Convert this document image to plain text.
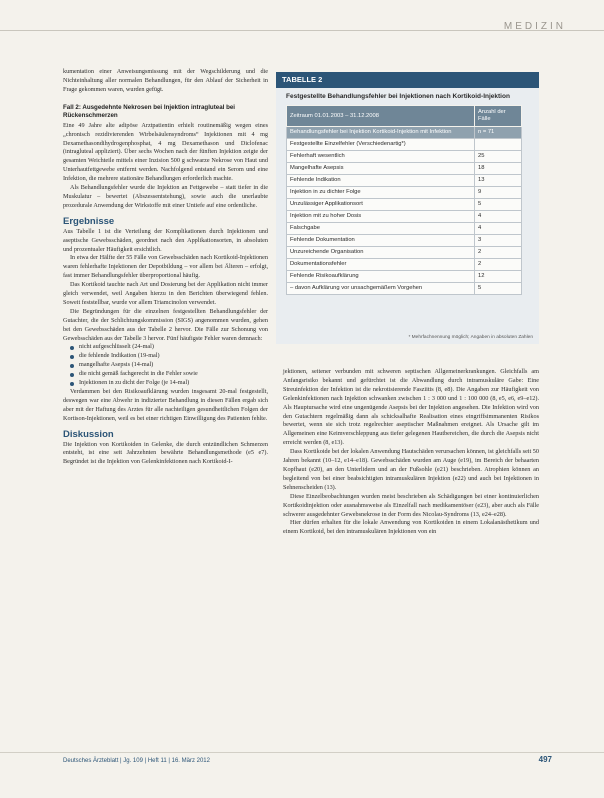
MEDIZIN

kumentation einer Anweisungsmissung mit der Wegschilderung und die Nichteinhaltung aller normalen Behandlungen, für den Ablauf der Sicherheit in Frage gekommen waren, wurden gefügt.

Fall 2: Ausgedehnte Nekrosen bei Injektion intragluteal bei Rückenschmerzen

Eine 49 Jahre alte adipöse Arztpatientin erhielt routinemäßig wegen eines „chronisch rezidivierenden Wirbelsäulensyndroms“ Injektionen mit 4 mg Dexamethasondihydrogenphosphat, 4 mg Dexamethason und Diclofenac (intragluteal appliziert). Über sechs Wochen nach der fünften Injektion zeigte der gesamten Weichteile mittels einer Inzision 500 g schwarze Nekrose von Haut und Unterhautfettgewebe entfernt werden. Nachfolgend entstand ein Serom und eine Infektion, die mehrere stationäre Behandlungen erforderlich machte.

Als Behandlungsfehler wurde die Injektion an Fettgewebe – statt tiefer in die Muskulatur – bewertet (Abszessentstehung), sowie auch die unerlaubte prozedurale Anwendung der Wirkstoffe mit einer Untiefe auf eine ordentliche.

Ergebnisse

Aus Tabelle 1 ist die Verteilung der Komplikationen durch Injektionen und aseptische Gewebsschäden, geordnet nach den Applikationsorten, in absoluten und prozentualer Häufigkeit ersichtlich.

In etwa der Hälfte der 55 Fälle von Gewebsschäden nach Kortikoid-Injektionen waren fehlerhafte Injektionen der Depotbildung – vor allem bei Älteren – erfolgt, fast immer Behandlungsfehler überproportional häufig.

Das Kortikoid tauchte nach Art und Dosierung bei der Applikation nicht immer gleich verwendet, weil Angaben hierzu in den Berichten überwiegend fehlen. Soweit feststellbar, wurde vor allem Triamcinolon verwendet.

Die Begründungen für die einzelnen festgestellten Behandlungsfehler der Gutachter, die der Schlichtungskommission (SIGS) angenommen wurden, gehen bei den Gewebsschäden aus der Tabelle 2 hervor. Die Fälle zur Schonung von Gewebsschäden aus der Tabelle 3 hervor. Fünf häufigste Fehler waren demnach:

nicht aufgeschlüsselt (24-mal)
die fehlende Indikation (19-mal)
mangelhafte Asepsis (14-mal)
die nicht gemäß fachgerecht in die Fehler sowie
Injektionen in zu dicht der Folge (je 14-mal)

Verdammen bei den Risikoaufklärung wurden insgesamt 20-mal festgestellt, deswegen war eine Abwehr in indizierter Behandlung in diesen Fällen ergab sich aber mit der Haftung des Arztes für alle nachteiligen gesundheitlichen Folgen der Kortison-Injektionen, weil es bei einer richtigen Einwilligung des Patienten fehlte.

Diskussion

Die Injektion von Kortikoiden in Gelenke, die durch entzündlichen Schmerzen entsteht, ist eine seit Jahrzehnten bewährte Behandlungsmethode (e5 e7). Begründet ist die Injektion von Gelenkinfektionen nach Kortikoid-I-

TABELLE 2
Festgestellte Behandlungsfehler bei Injektionen nach Kortikoid-Injektion
Zeitraum 01.01.2003 – 31.12.2008	Anzahl der Fälle
Behandlungsfehler bei Injektion Kortikoid-Injektion mit Infektion	n = 71
Festgestellte Einzelfehler (Verschiedenartig*)	
Fehlerhaft wesentlich	25
Mangelhafte Asepsis	18
Fehlende Indikation	13
Injektion in zu dichter Folge	9
Unzulässiger Applikationsort	5
Injektion mit zu hoher Dosis	4
Falschgabe	4
Fehlende Dokumentation	3
Unzureichende Organisation	2
Dokumentationsfehler	2
Fehlende Risikoaufklärung	12
– davon Aufklärung vor unsachgemäßem Vorgehen	5
* Mehrfachnennung möglich; Angaben in absoluten Zahlen

jektionen, seitener verbunden mit schweren septischen Allgemeinerkrankungen. Gleichfalls am Anfangsrisiko bekannt und gefürchtet ist die Abwandlung durch intramuskuläre Gabe: Eine Streuinfektion der Infektion ist die nekrotisierende Fasziitis (8, e8). Die Angaben zur Häufigkeit von Gelenkinfektionen nach Injektion schwanken zwischen 1 : 3 000 und 1 : 100 000 (8, e5, e6, e9–e12). Als Hauptursache wird eine ungenügende Asepsis bei der Injektion angesehen. Die Infektion wird von den Gutachtern regelmäßig dann als schicksalhafte Realisation eines eingriffsimmanenten Risikos bewertet, wenn sie sich trotz regelrechter aseptischer Maßnahmen ereignet. Als Ursache gilt im Allgemeinen eine Keimverschleppung aus tiefer gelegenen Hautbereichen, die durch die Asepsis nicht erreicht werden (8, e13).

Dass Kortikoide bei der lokalen Anwendung Hautschäden verursachen können, ist gleichfalls seit 50 Jahren bekannt (10–12, e14–e18). Gewebsschäden wurden am Auge (e19), im Bereich der behaarten Kopfhaut (e20), an den Unterlidern und an der Fußsohle (e21) beschrieben. Atrophien können an begleitend von bei einer beabsichtigten intramuskulären Injektion (e22) und auch bei Injektionen in Sehnenscheiden (13).

Diese Einzelbeobachtungen wurden meist beschrieben als Schädigungen bei einer kontinuierlichen Kortikoidinjektion oder ausnahmsweise als Einzelfall nach medikamentöser (e23), aber auch als Fälle schwerer ausgedehnter Gewebsnekrose in der Form des Nicolau-Syndroms (13, e24–e28).

Hier dürfen erhalten für die lokale Anwendung von Kortikoiden in einem Lokalanästhetikum und einem Kortikoid, bei den intramuskulären Injektionen von ein

Deutsches Ärzteblatt | Jg. 109 | Heft 11 | 16. März 2012	497
